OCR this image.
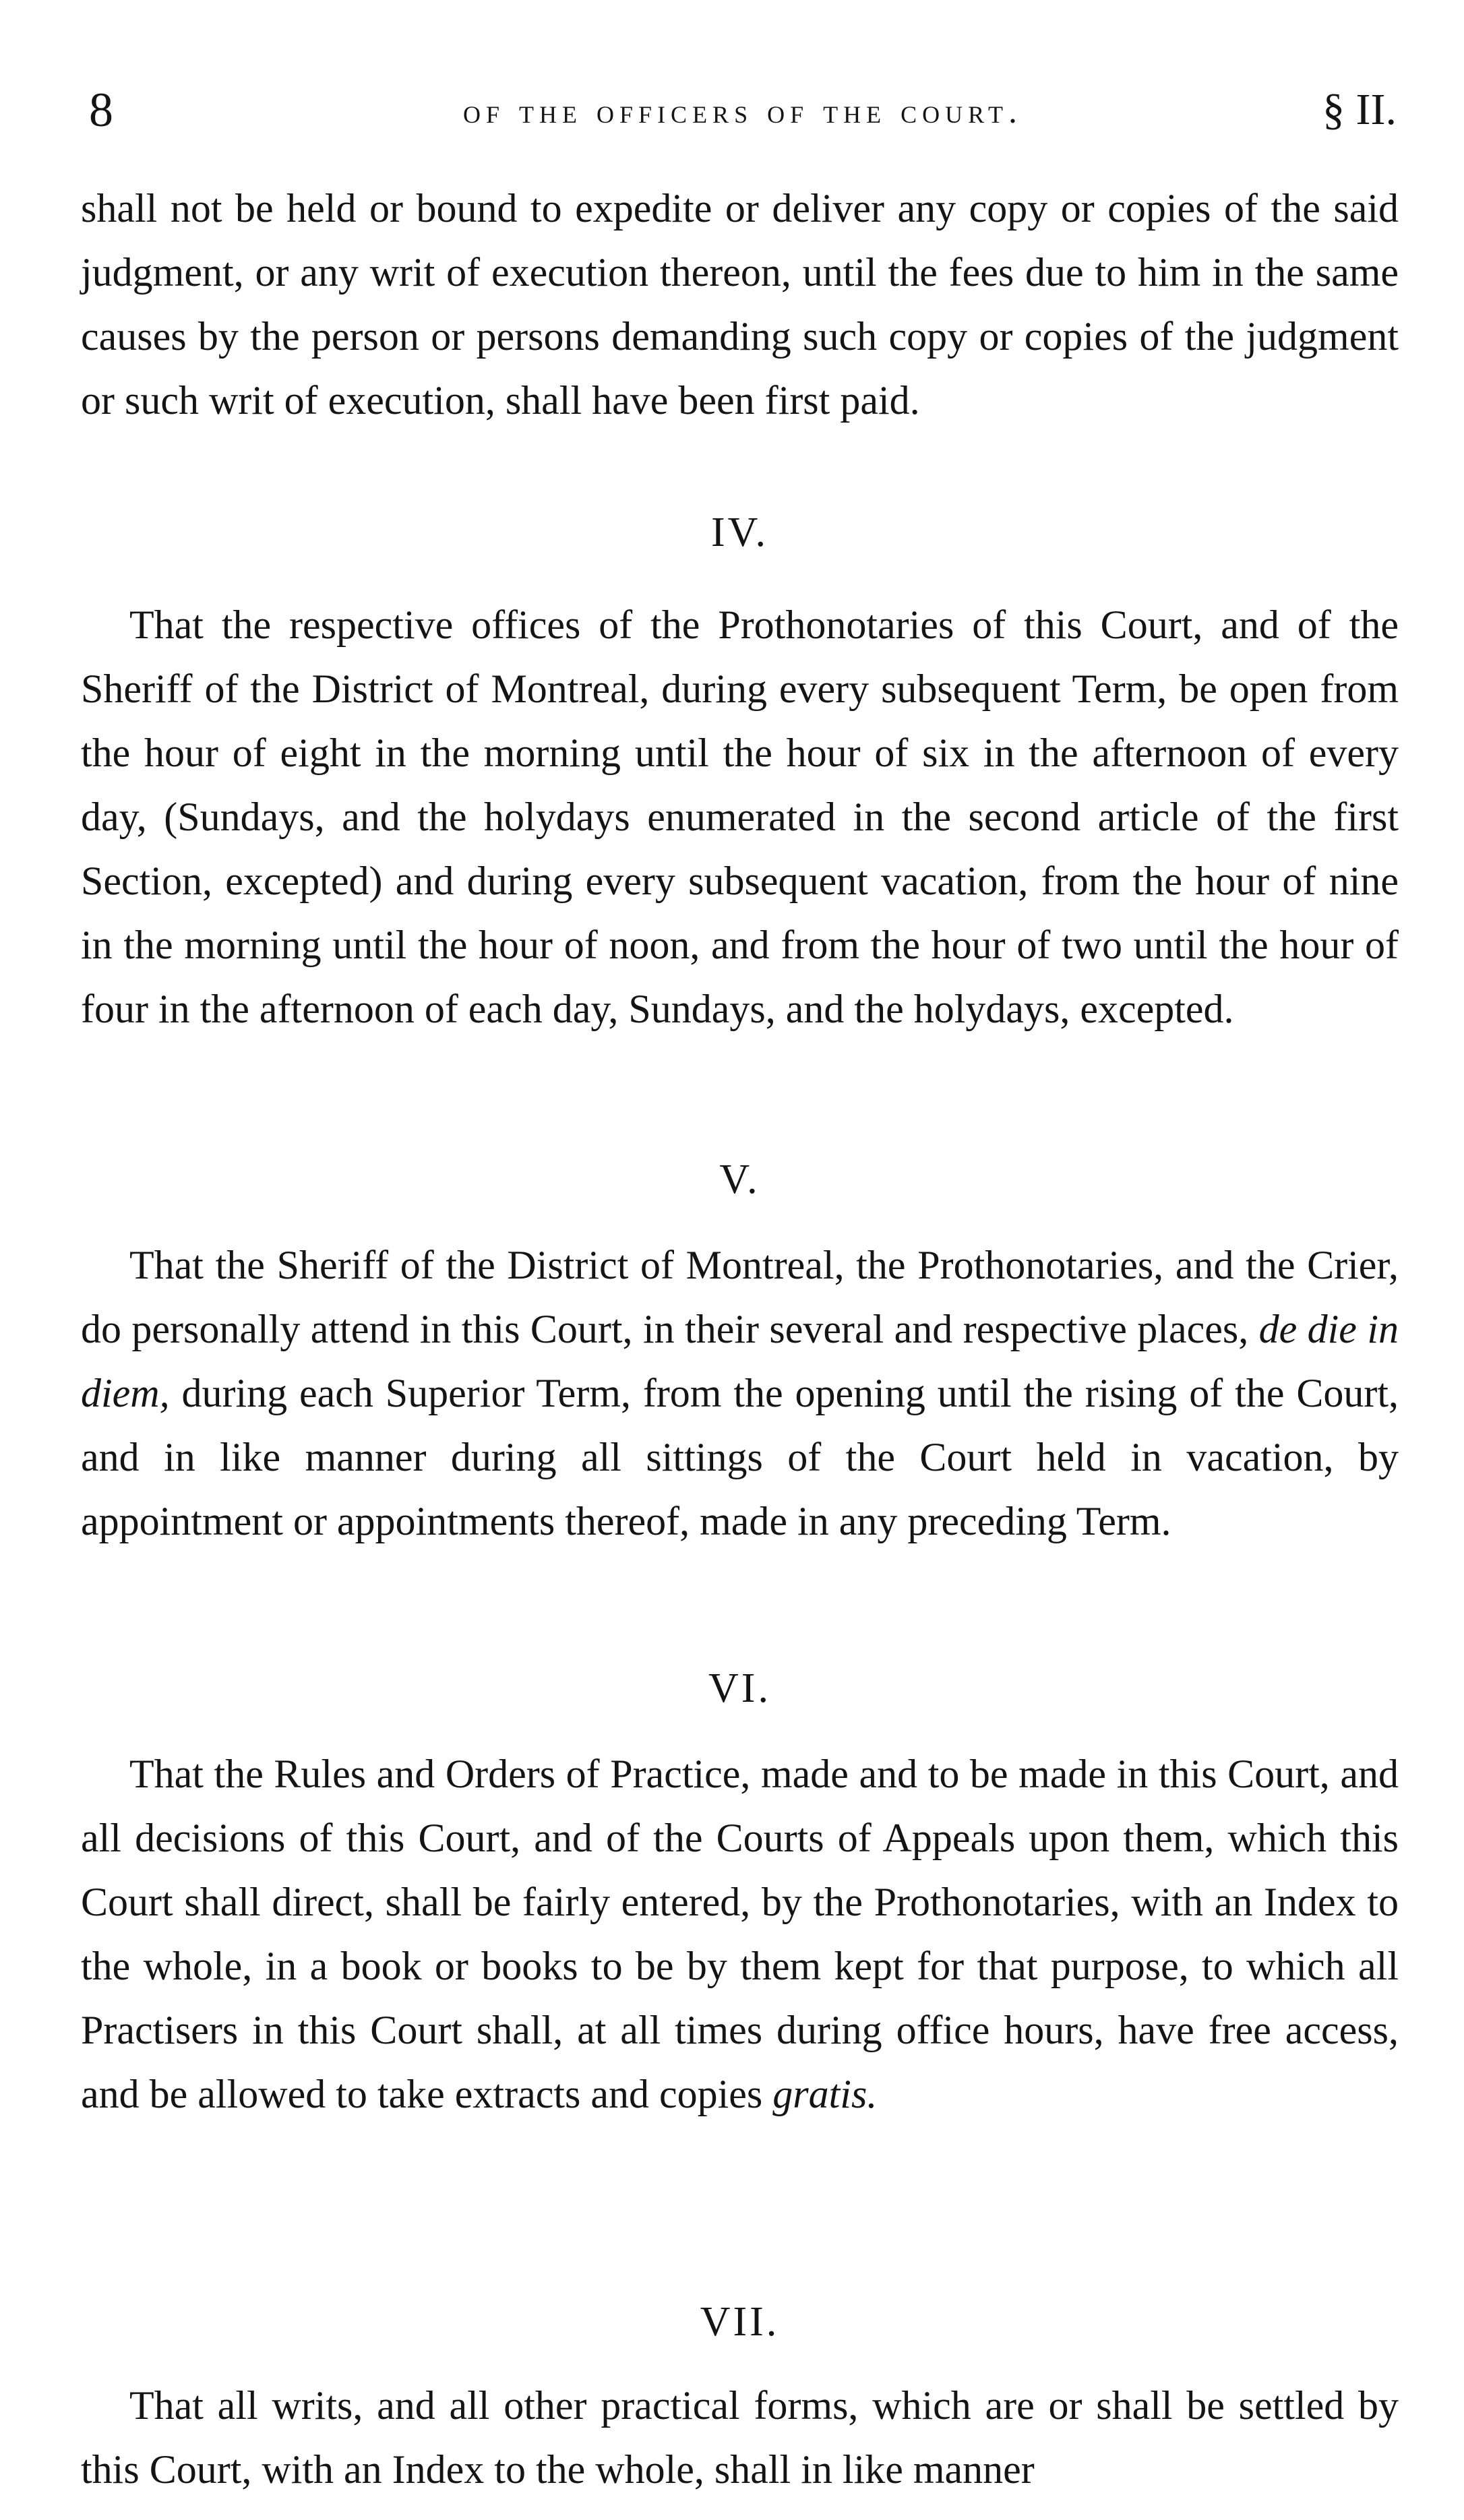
8	of the officers of the court.	§ II.

shall not be held or bound to expedite or deliver any copy or copies of the said judgment, or any writ of execution thereon, until the fees due to him in the same causes by the person or persons demanding such copy or copies of the judgment or such writ of execution, shall have been first paid.

IV.

That the respective offices of the Prothonotaries of this Court, and of the Sheriff of the District of Montreal, during every subsequent Term, be open from the hour of eight in the morning until the hour of six in the afternoon of every day, (Sundays, and the holydays enumerated in the second article of the first Section, excepted) and during every subsequent vacation, from the hour of nine in the morning until the hour of noon, and from the hour of two until the hour of four in the afternoon of each day, Sundays, and the holydays, excepted.

V.

That the Sheriff of the District of Montreal, the Prothonotaries, and the Crier, do personally attend in this Court, in their several and respective places, de die in diem, during each Superior Term, from the opening until the rising of the Court, and in like manner during all sittings of the Court held in vacation, by appointment or appointments thereof, made in any preceding Term.

VI.

That the Rules and Orders of Practice, made and to be made in this Court, and all decisions of this Court, and of the Courts of Appeals upon them, which this Court shall direct, shall be fairly entered, by the Prothonotaries, with an Index to the whole, in a book or books to be by them kept for that purpose, to which all Practisers in this Court shall, at all times during office hours, have free access, and be allowed to take extracts and copies gratis.

VII.

That all writs, and all other practical forms, which are or shall be settled by this Court, with an Index to the whole, shall in like manner
